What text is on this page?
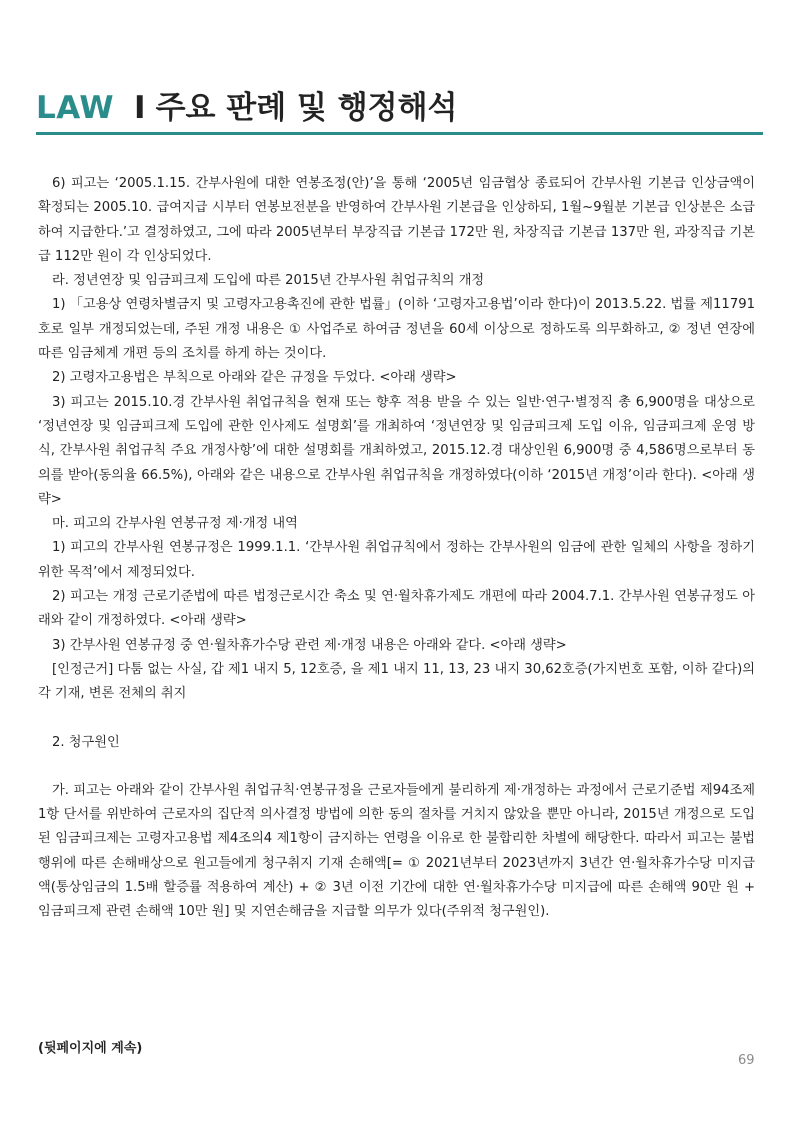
LAW I 주요 판례 및 행정해석

6) 피고는 ‘2005.1.15. 간부사원에 대한 연봉조정(안)’을 통해 ‘2005년 임금협상 종료되어 간부사원 기본급 인상금액이 확정되는 2005.10. 급여지급 시부터 연봉보전분을 반영하여 간부사원 기본급을 인상하되, 1월~9월분 기본급 인상분은 소급하여 지급한다.’고 결정하였고, 그에 따라 2005년부터 부장직급 기본급 172만 원, 차장직급 기본급 137만 원, 과장직급 기본급 112만 원이 각 인상되었다.

라. 정년연장 및 임금피크제 도입에 따른 2015년 간부사원 취업규칙의 개정

1) 「고용상 연령차별금지 및 고령자고용촉진에 관한 법률」(이하 ‘고령자고용법’이라 한다)이 2013.5.22. 법률 제11791호로 일부 개정되었는데, 주된 개정 내용은 ① 사업주로 하여금 정년을 60세 이상으로 정하도록 의무화하고, ② 정년 연장에 따른 임금체계 개편 등의 조치를 하게 하는 것이다.

2) 고령자고용법은 부칙으로 아래와 같은 규정을 두었다. <아래 생략>

3) 피고는 2015.10.경 간부사원 취업규칙을 현재 또는 향후 적용 받을 수 있는 일반·연구·별정직 총 6,900명을 대상으로 ‘정년연장 및 임금피크제 도입에 관한 인사제도 설명회’를 개최하여 ‘정년연장 및 임금피크제 도입 이유, 임금피크제 운영 방식, 간부사원 취업규칙 주요 개정사항’에 대한 설명회를 개최하였고, 2015.12.경 대상인원 6,900명 중 4,586명으로부터 동의를 받아(동의율 66.5%), 아래와 같은 내용으로 간부사원 취업규칙을 개정하였다(이하 ‘2015년 개정’이라 한다). <아래 생략>

마. 피고의 간부사원 연봉규정 제·개정 내역

1) 피고의 간부사원 연봉규정은 1999.1.1. ‘간부사원 취업규칙에서 정하는 간부사원의 임금에 관한 일체의 사항을 정하기 위한 목적’에서 제정되었다.

2) 피고는 개정 근로기준법에 따른 법정근로시간 축소 및 연·월차휴가제도 개편에 따라 2004.7.1. 간부사원 연봉규정도 아래와 같이 개정하였다. <아래 생략>

3) 간부사원 연봉규정 중 연·월차휴가수당 관련 제·개정 내용은 아래와 같다. <아래 생략>

[인정근거] 다툼 없는 사실, 갑 제1 내지 5, 12호증, 을 제1 내지 11, 13, 23 내지 30,62호증(가지번호 포함, 이하 같다)의 각 기재, 변론 전체의 취지

2. 청구원인

가. 피고는 아래와 같이 간부사원 취업규칙·연봉규정을 근로자들에게 불리하게 제·개정하는 과정에서 근로기준법 제94조제1항 단서를 위반하여 근로자의 집단적 의사결정 방법에 의한 동의 절차를 거치지 않았을 뿐만 아니라, 2015년 개정으로 도입된 임금피크제는 고령자고용법 제4조의4 제1항이 금지하는 연령을 이유로 한 불합리한 차별에 해당한다. 따라서 피고는 불법행위에 따른 손해배상으로 원고들에게 청구취지 기재 손해액[= ① 2021년부터 2023년까지 3년간 연·월차휴가수당 미지급액(통상임금의 1.5배 할증률 적용하여 계산) + ② 3년 이전 기간에 대한 연·월차휴가수당 미지급에 따른 손해액 90만 원 + 임금피크제 관련 손해액 10만 원] 및 지연손해금을 지급할 의무가 있다(주위적 청구원인).

(뒷페이지에 계속)
69
